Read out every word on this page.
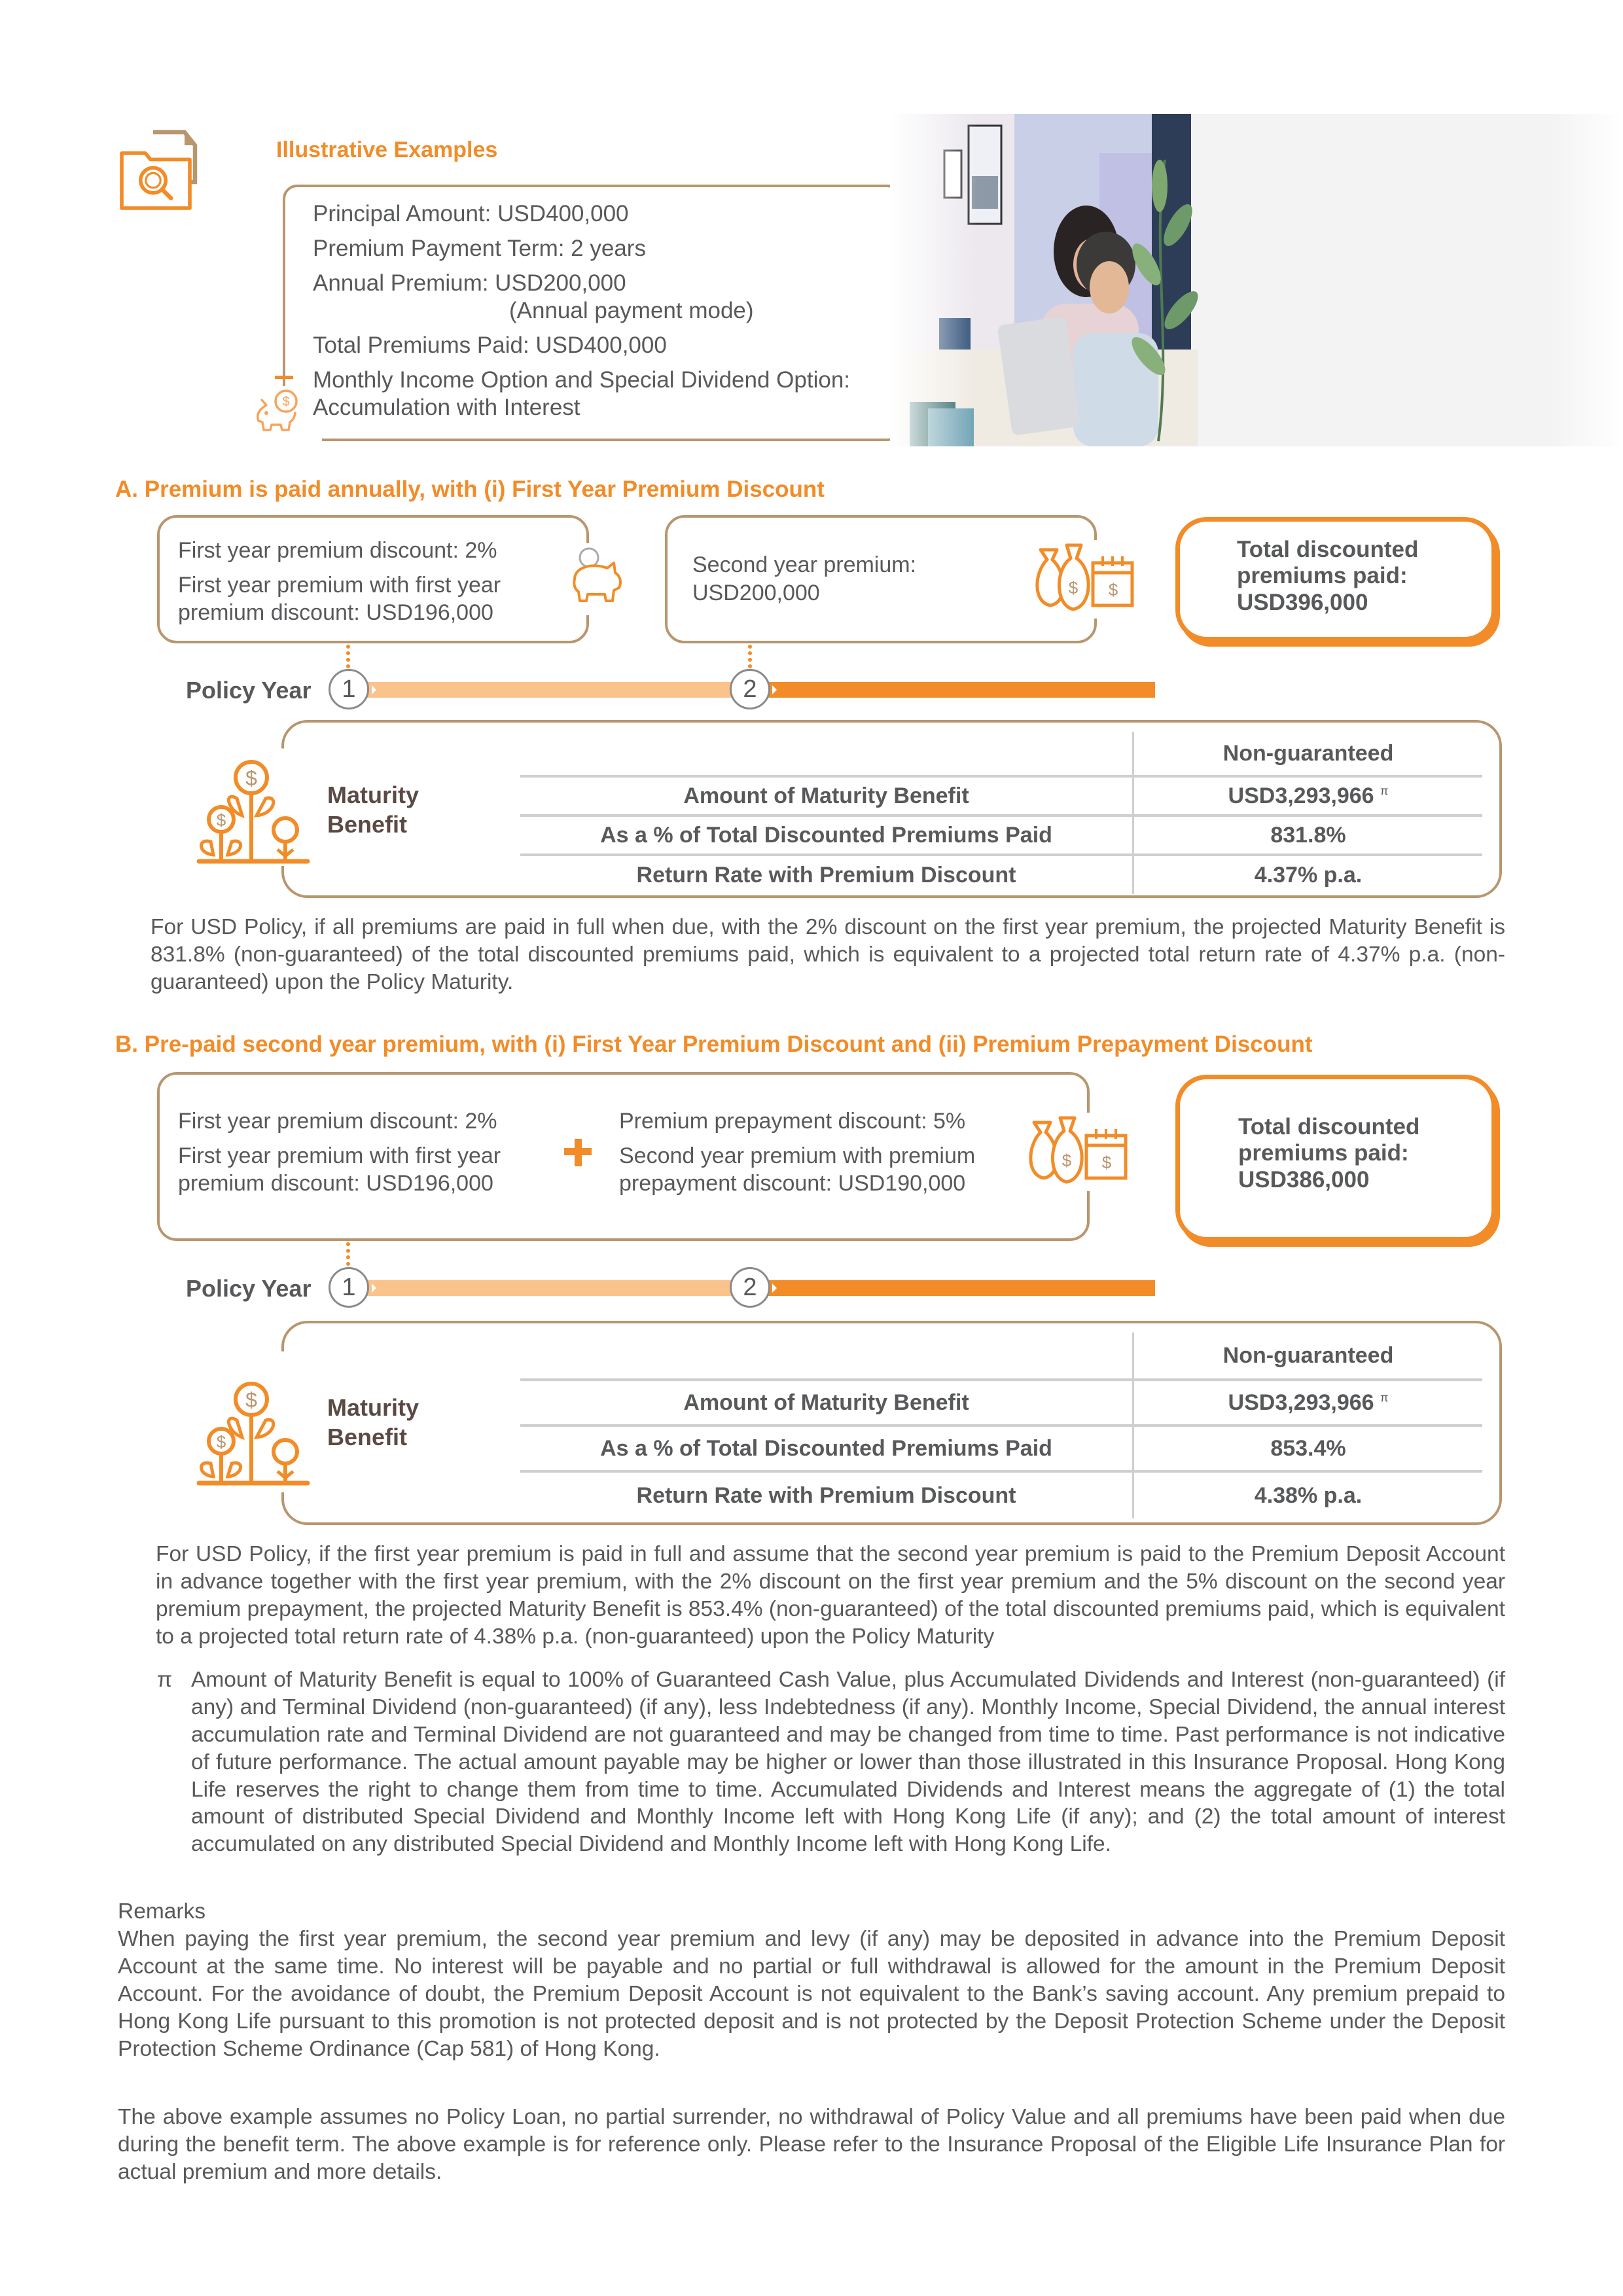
Illustrative Examples
Principal Amount: USD400,000
Premium Payment Term: 2 years
Annual Premium: USD200,000
(Annual payment mode)
Total Premiums Paid: USD400,000
Monthly Income Option and Special Dividend Option:
Accumulation with Interest
$
A. Premium is paid annually, with (i) First Year Premium Discount
First year premium discount: 2%
First year premium with first year
premium discount: USD196,000
Second year premium:
USD200,000	$ $
Total discounted
premiums paid:
USD396,000
Policy Year	1	2
$
$
Maturity
Benefit
	Non-guaranteed
Amount of Maturity Benefit	USD3,293,966 $^\pi$
As a % of Total Discounted Premiums Paid	831.8%
Return Rate with Premium Discount	4.37% p.a.
For USD Policy, if all premiums are paid in full when due, with the 2% discount on the first year premium, the projected Maturity Benefit is 831.8% (non-guaranteed) of the total discounted premiums paid, which is equivalent to a projected total return rate of 4.37% p.a. (non-guaranteed) upon the Policy Maturity.
B. Pre-paid second year premium, with (i) First Year Premium Discount and (ii) Premium Prepayment Discount
First year premium discount: 2%
First year premium with first year
premium discount: USD196,000
Premium prepayment discount: 5%
Second year premium with premium
prepayment discount: USD190,000
$ $
Total discounted
premiums paid:
USD386,000
Policy Year	1	2
$
$
Maturity
Benefit
	Non-guaranteed
Amount of Maturity Benefit	USD3,293,966 $^\pi$
As a % of Total Discounted Premiums Paid	853.4%
Return Rate with Premium Discount	4.38% p.a.
For USD Policy, if the first year premium is paid in full and assume that the second year premium is paid to the Premium Deposit Account in advance together with the first year premium, with the 2% discount on the first year premium and the 5% discount on the second year premium prepayment, the projected Maturity Benefit is 853.4% (non-guaranteed) of the total discounted premiums paid, which is equivalent to a projected total return rate of 4.38% p.a. (non-guaranteed) upon the Policy Maturity
π Amount of Maturity Benefit is equal to 100% of Guaranteed Cash Value, plus Accumulated Dividends and Interest (non-guaranteed) (if any) and Terminal Dividend (non-guaranteed) (if any), less Indebtedness (if any). Monthly Income, Special Dividend, the annual interest accumulation rate and Terminal Dividend are not guaranteed and may be changed from time to time. Past performance is not indicative of future performance. The actual amount payable may be higher or lower than those illustrated in this Insurance Proposal. Hong Kong Life reserves the right to change them from time to time. Accumulated Dividends and Interest means the aggregate of (1) the total amount of distributed Special Dividend and Monthly Income left with Hong Kong Life (if any); and (2) the total amount of interest accumulated on any distributed Special Dividend and Monthly Income left with Hong Kong Life.
Remarks
When paying the first year premium, the second year premium and levy (if any) may be deposited in advance into the Premium Deposit Account at the same time. No interest will be payable and no partial or full withdrawal is allowed for the amount in the Premium Deposit Account. For the avoidance of doubt, the Premium Deposit Account is not equivalent to the Bank’s saving account. Any premium prepaid to Hong Kong Life pursuant to this promotion is not protected deposit and is not protected by the Deposit Protection Scheme under the Deposit Protection Scheme Ordinance (Cap 581) of Hong Kong.
The above example assumes no Policy Loan, no partial surrender, no withdrawal of Policy Value and all premiums have been paid when due during the benefit term. The above example is for reference only. Please refer to the Insurance Proposal of the Eligible Life Insurance Plan for actual premium and more details.
